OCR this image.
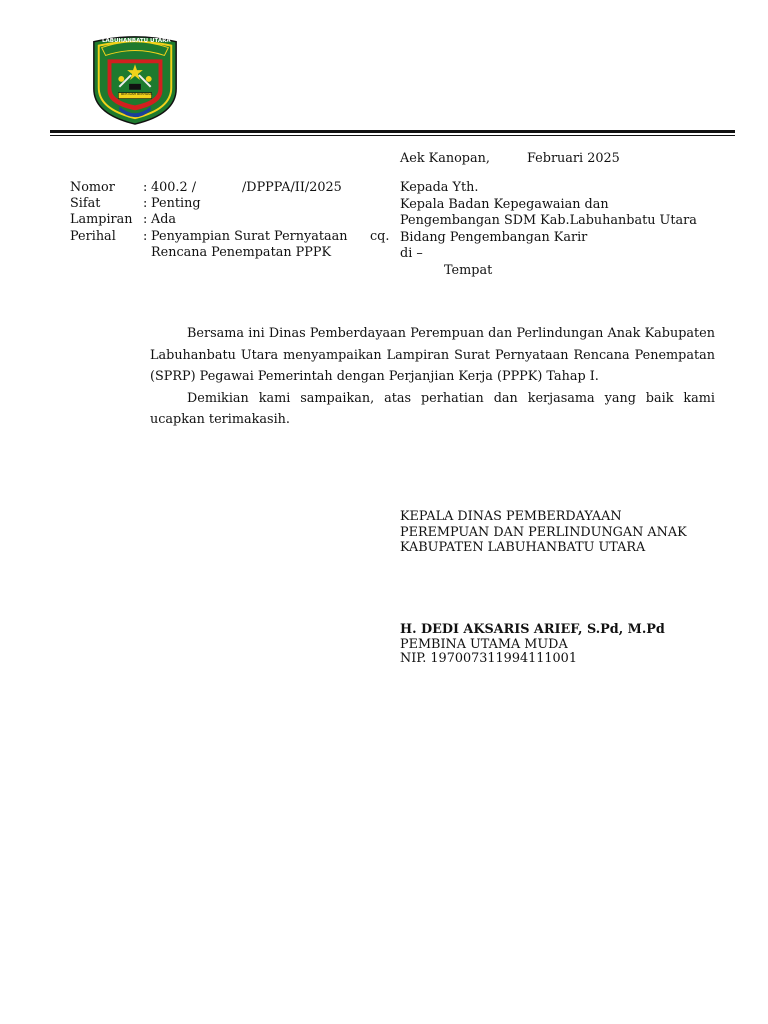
LABUHANBATU UTARA
BERTUAH BERHASIL
Aek Kanopan,	Februari 2025
Nomor : 400.2 /	/DPPPA/II/2025
Sifat	: Penting
Lampiran : Ada
Perihal : Penyampian Surat Pernyataan
Rencana Penempatan PPPK
cq.
Kepada Yth.
Kepala Badan Kepegawaian dan
Pengembangan SDM Kab.Labuhanbatu Utara
Bidang Pengembangan Karir
di –
Tempat

Bersama ini Dinas Pemberdayaan Perempuan dan Perlindungan Anak Kabupaten Labuhanbatu Utara menyampaikan Lampiran Surat Pernyataan Rencana Penempatan (SPRP) Pegawai Pemerintah dengan Perjanjian Kerja (PPPK) Tahap I.

Demikian kami sampaikan, atas perhatian dan kerjasama yang baik kami ucapkan terimakasih.

KEPALA DINAS PEMBERDAYAAN
PEREMPUAN DAN PERLINDUNGAN ANAK
KABUPATEN LABUHANBATU UTARA
H. DEDI AKSARIS ARIEF, S.Pd, M.Pd
PEMBINA UTAMA MUDA
NIP. 197007311994111001
